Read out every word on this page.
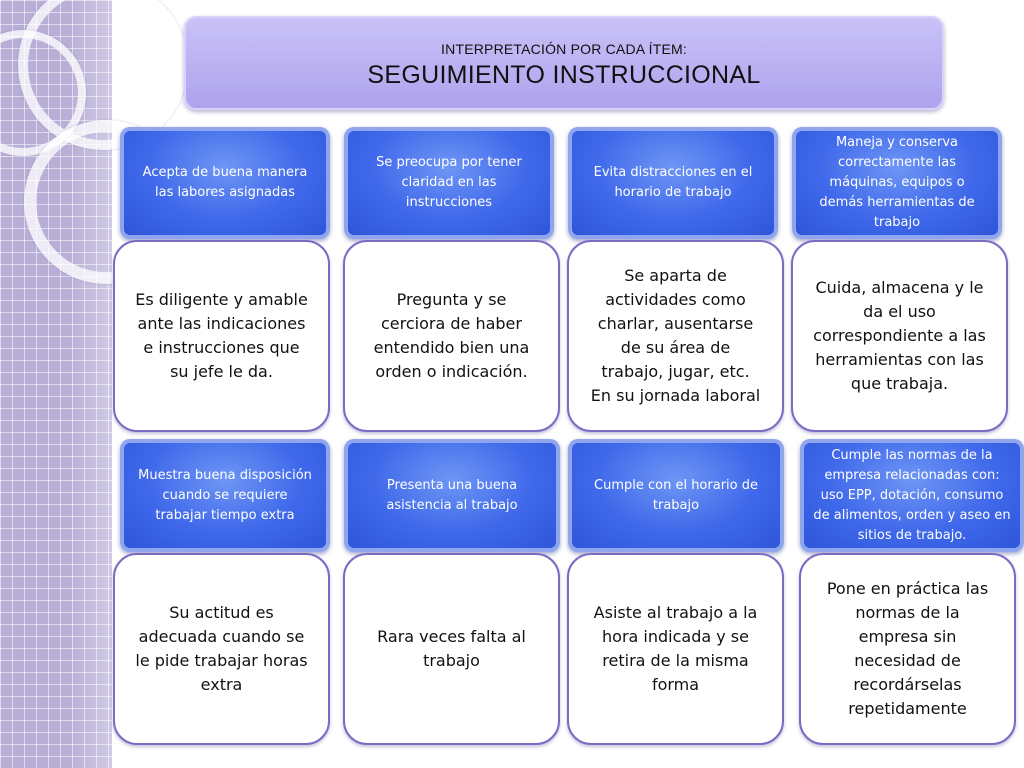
INTERPRETACIÓN POR CADA ÍTEM:
SEGUIMIENTO INSTRUCCIONAL
Acepta de buena manera las labores asignadas
Se preocupa por tener claridad en las instrucciones
Evita distracciones en el horario de trabajo
Maneja y conserva correctamente las máquinas, equipos o demás herramientas de trabajo
Es diligente y amable ante las indicaciones e instrucciones que su jefe le da.
Pregunta y se cerciora de haber entendido bien una orden o indicación.
Se aparta de actividades como charlar, ausentarse de su área de trabajo, jugar, etc. En su jornada laboral
Cuida, almacena y le da el uso correspondiente a las herramientas con las que trabaja.
Muestra buena disposición cuando se requiere trabajar tiempo extra
Presenta una buena asistencia al trabajo
Cumple con el horario de trabajo
Cumple las normas de la empresa relacionadas con: uso EPP, dotación, consumo de alimentos, orden y aseo en sitios de trabajo.
Su actitud es adecuada cuando se le pide trabajar horas extra
Rara veces falta al trabajo
Asiste al trabajo a la hora indicada y se retira de la misma forma
Pone en práctica las normas de la empresa sin necesidad de recordárselas repetidamente
